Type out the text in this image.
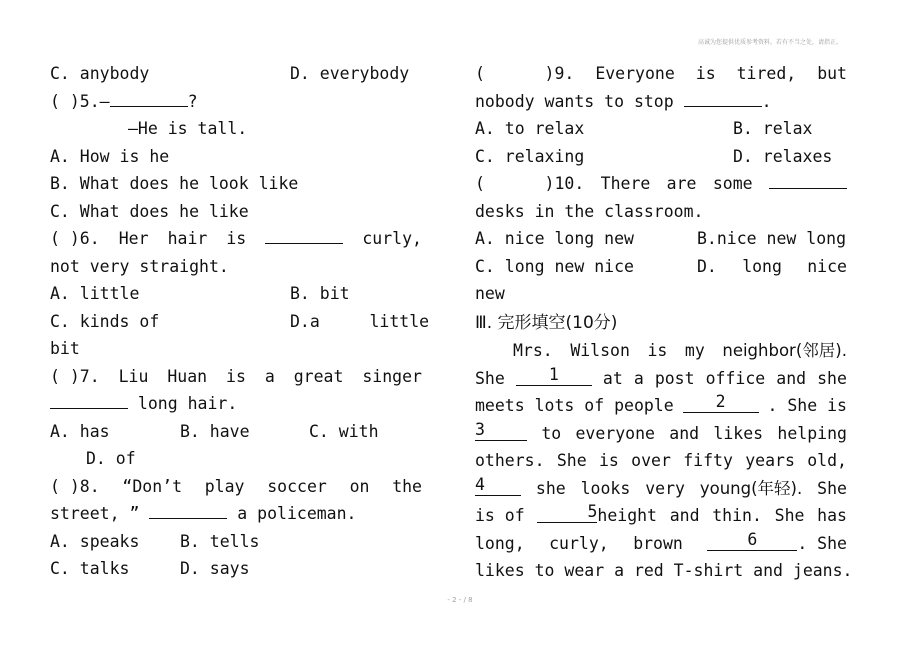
高诚为您提供优质参考资料，若有不当之处，请指正。
C. anybody	D. everybody
( )5.—	?
—He is tall.
A. How is he
B. What does he look like
C. What does he like
( )6. Her hair is	curly,
not very straight.
A. little	B. bit
C. kinds of	D.a     little
bit
( )7. Liu Huan is a great singer
long hair.
A. has	B. have	C. with
D. of
( )8. “Don’t play soccer on the
street, ”	a policeman.
A. speaks B. tells
C. talks	D. says
(      )9. Everyone is tired, but
nobody wants to stop	.
A. to relax	B. relax
C. relaxing	D. relaxes
(      )10. There are some
desks in the classroom.
A. nice long new	B.nice new long
C. long new nice	D. long nice
new
Ⅲ. 完形填空(10分)
Mrs. Wilson is my neighbor(邻居).
She	1	at a post office and she
meets lots of people	2	. She is
3	to everyone and likes helping
others. She is over fifty years old,
4	she looks very young(年轻). She
is of	5 height and thin. She has
long, curly, brown	6	. She
likes to wear a red T-shirt and jeans.
- 2 - / 8
